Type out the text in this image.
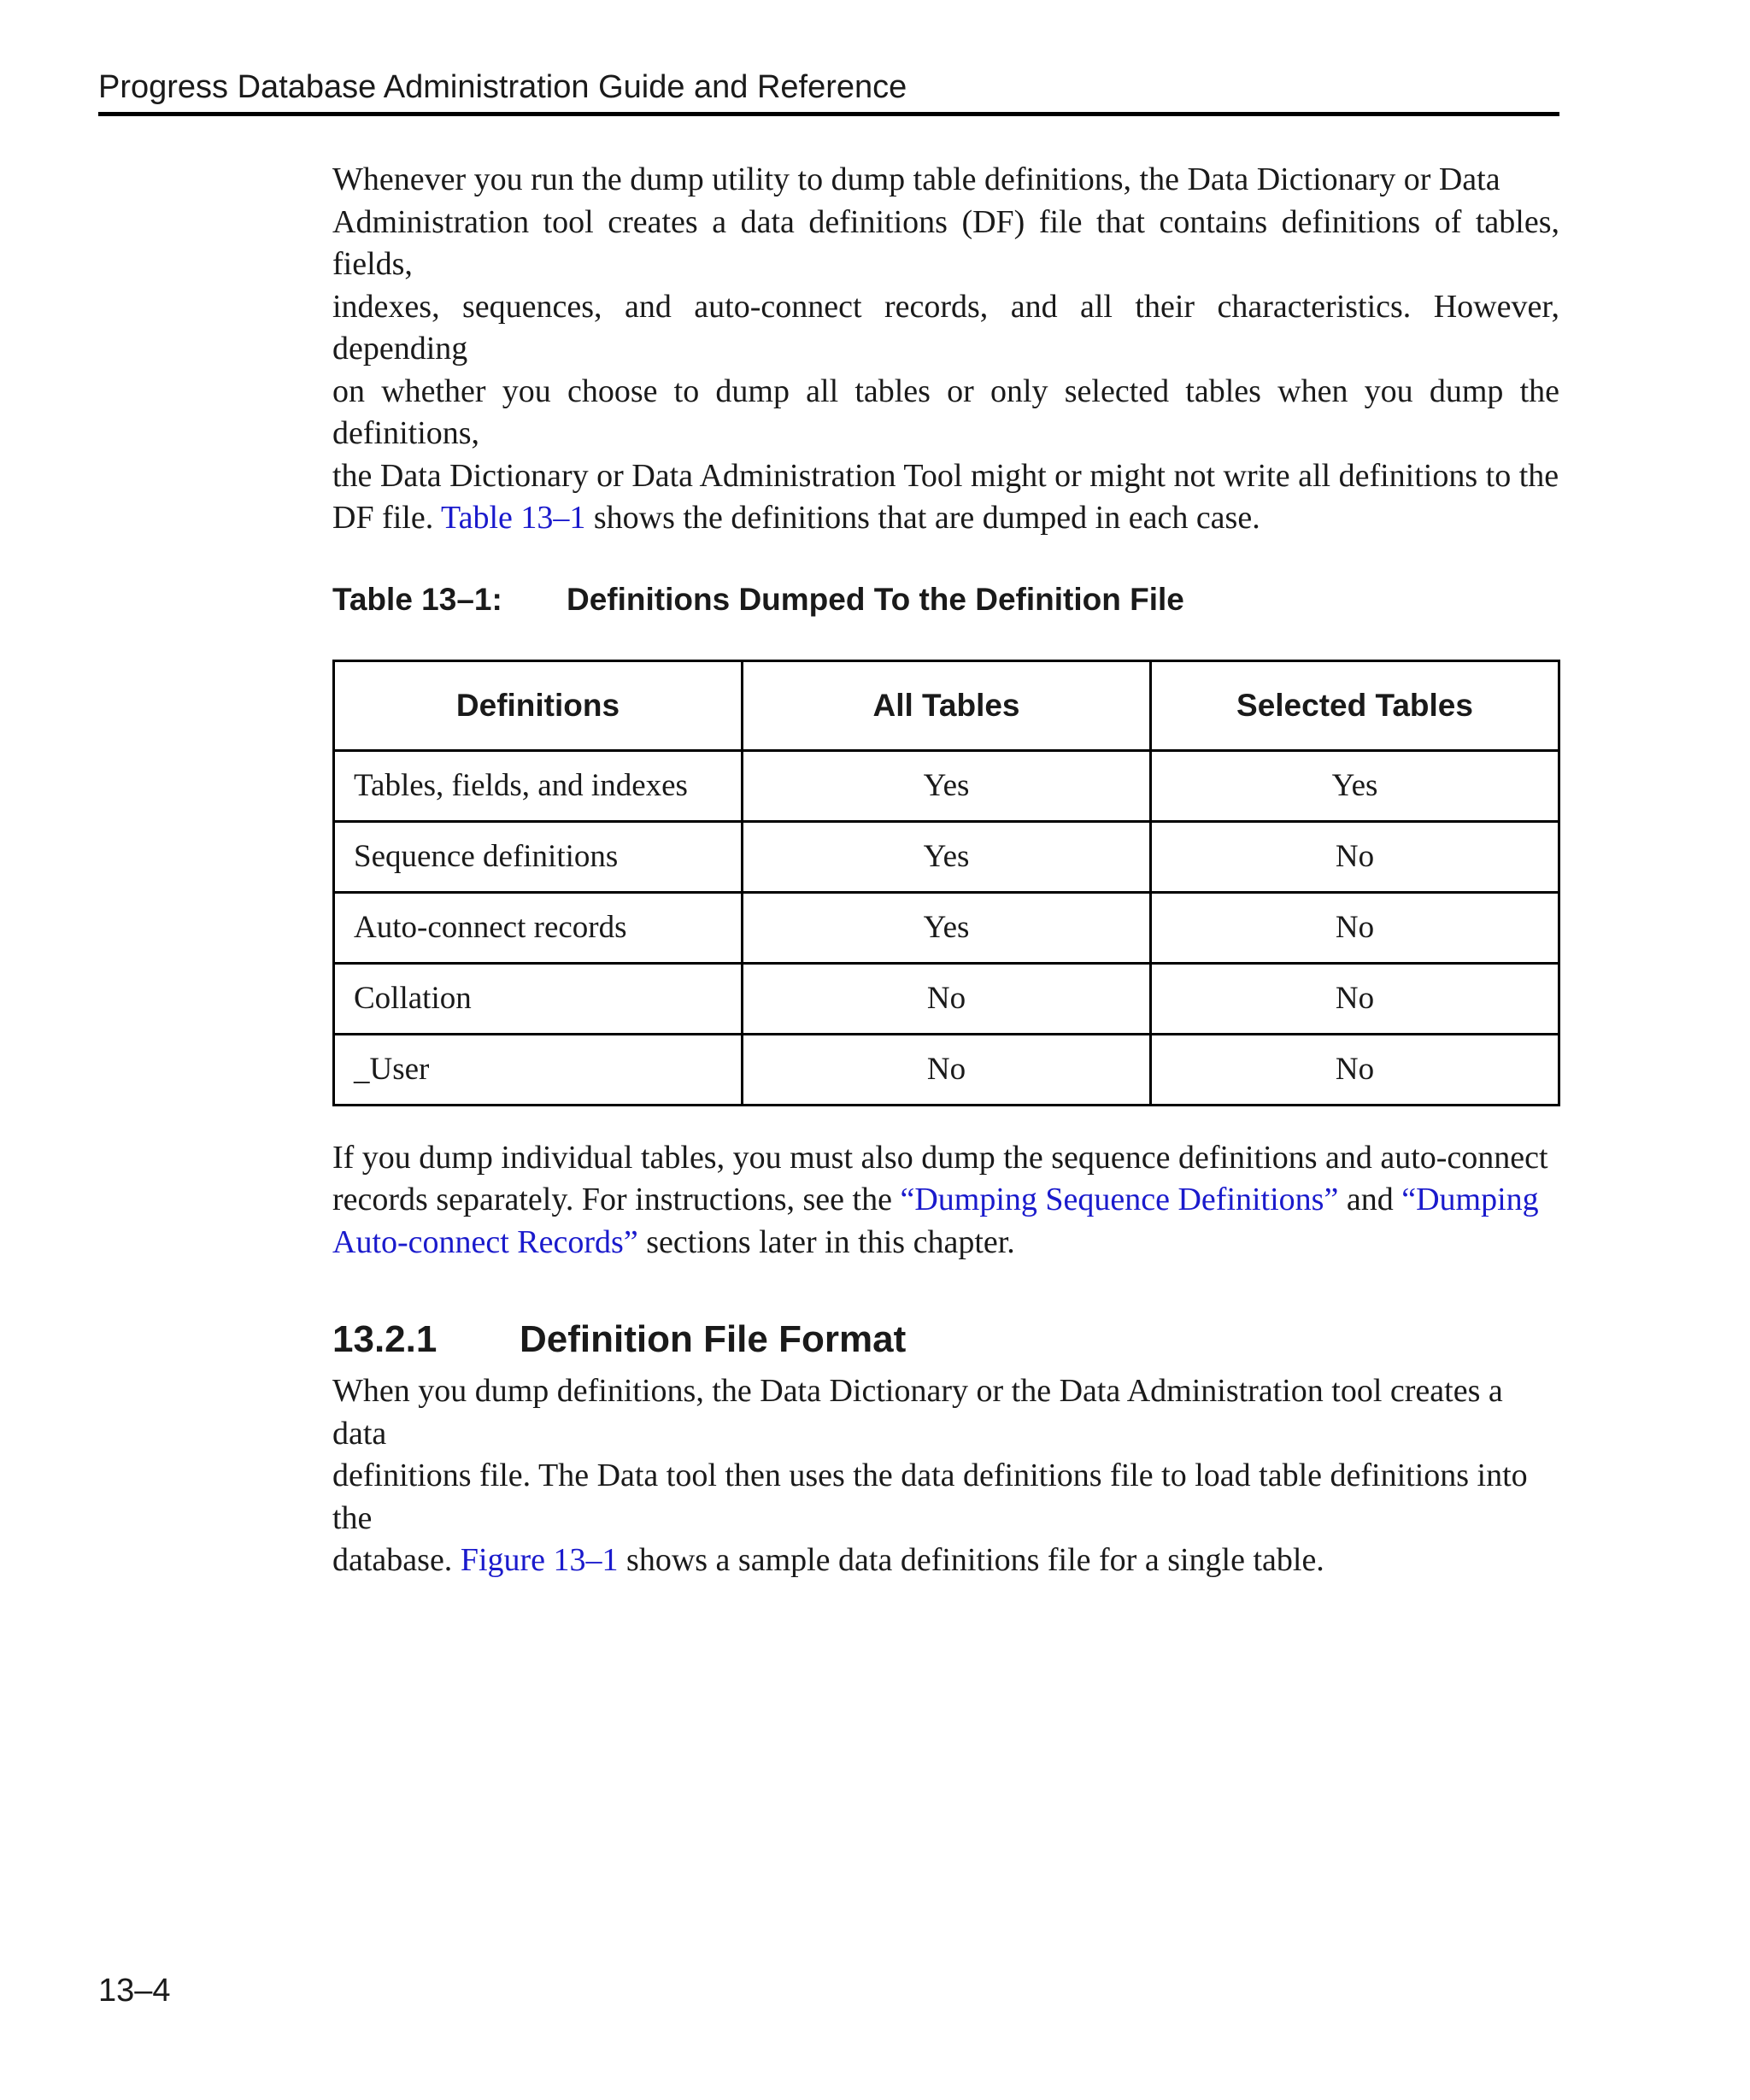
Progress Database Administration Guide and Reference

Whenever you run the dump utility to dump table definitions, the Data Dictionary or Data
Administration tool creates a data definitions (DF) file that contains definitions of tables, fields,
indexes, sequences, and auto-connect records, and all their characteristics. However, depending
on whether you choose to dump all tables or only selected tables when you dump the definitions,
the Data Dictionary or Data Administration Tool might or might not write all definitions to the
DF file. Table 13–1 shows the definitions that are dumped in each case.

Table 13–1: Definitions Dumped To the Definition File
Definitions	All Tables	Selected Tables
Tables, fields, and indexes	Yes	Yes
Sequence definitions	Yes	No
Auto-connect records	Yes	No
Collation	No	No
_User	No	No

If you dump individual tables, you must also dump the sequence definitions and auto-connect
records separately. For instructions, see the “Dumping Sequence Definitions” and “Dumping
Auto-connect Records” sections later in this chapter.

13.2.1 Definition File Format

When you dump definitions, the Data Dictionary or the Data Administration tool creates a data
definitions file. The Data tool then uses the data definitions file to load table definitions into the
database. Figure 13–1 shows a sample data definitions file for a single table.

13–4
